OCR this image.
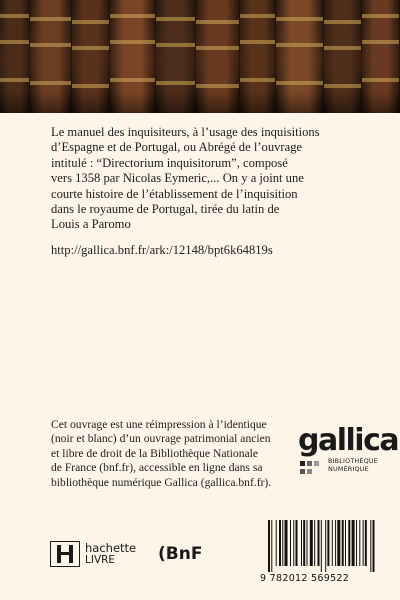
Le manuel des inquisiteurs, à l’usage des inquisitions
d’Espagne et de Portugal, ou Abrégé de l’ouvrage
intitulé : “Directorium inquisitorum”, composé
vers 1358 par Nicolas Eymeric,... On y a joint une
courte histoire de l’établissement de l’inquisition
dans le royaume de Portugal, tirée du latin de
Louis a Paromo
http://gallica.bnf.fr/ark:/12148/bpt6k64819s
Cet ouvrage est une réimpression à l’identique
(noir et blanc) d’un ouvrage patrimonial ancien
et libre de droit de la Bibliothèque Nationale
de France (bnf.fr), accessible en ligne dans sa
bibliothèque numérique Gallica (gallica.bnf.fr).
gallica
BIBLIOTHÈQUE
NUMÉRIQUE
hachette
LIVRE	(BnF
9 782012 569522
